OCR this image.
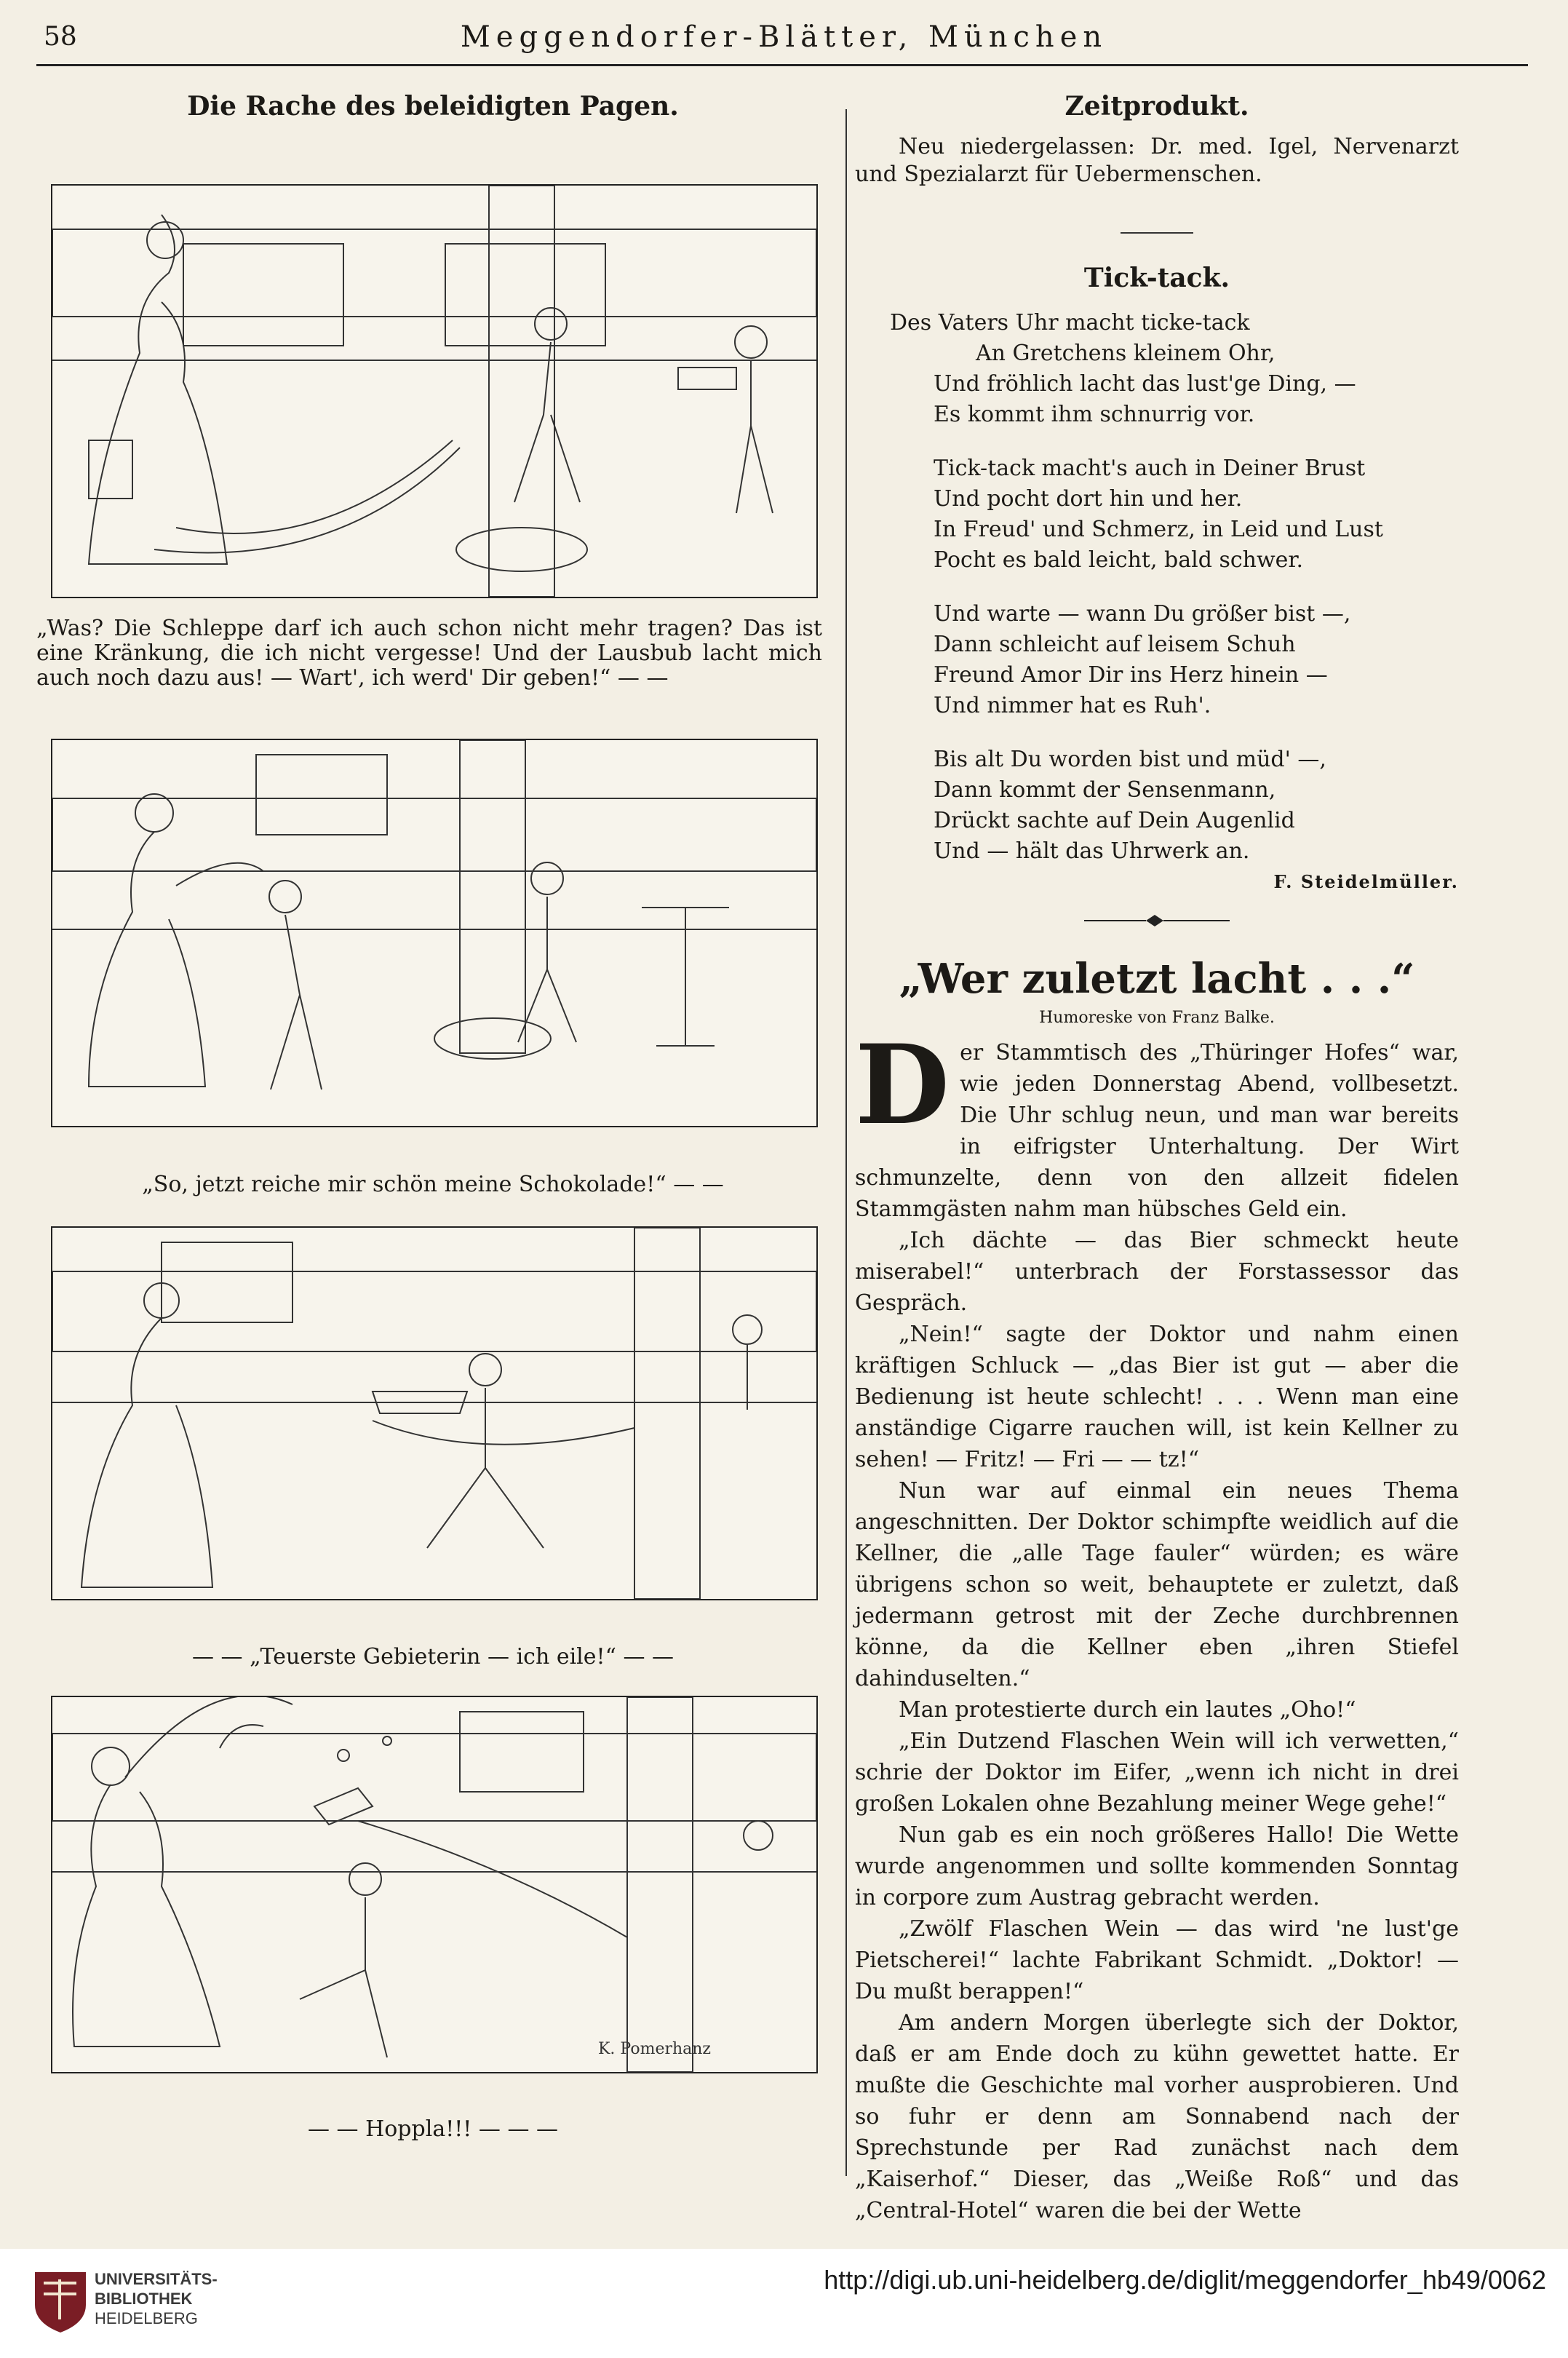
58	Meggendorfer-Blätter, München
Die Rache des beleidigten Pagen.
„Was? Die Schleppe darf ich auch schon nicht mehr tragen? Das ist eine Kränkung, die ich nicht vergesse! Und der Lausbub lacht mich auch noch dazu aus! — Wart', ich werd' Dir geben!“ — —
„So, jetzt reiche mir schön meine Schokolade!“ — —
— — „Teuerste Gebieterin — ich eile!“ — —
K. Pomerhanz
— — Hoppla!!! — — —
Zeitprodukt.

Neu niedergelassen: Dr. med. Igel, Nervenarzt und Spezialarzt für Uebermenschen.

Tick-tack.
Des Vaters Uhr macht ticke-tack
An Gretchens kleinem Ohr,
Und fröhlich lacht das lust'ge Ding, —
Es kommt ihm schnurrig vor.
Tick-tack macht's auch in Deiner Brust
Und pocht dort hin und her.
In Freud' und Schmerz, in Leid und Lust
Pocht es bald leicht, bald schwer.
Und warte — wann Du größer bist —,
Dann schleicht auf leisem Schuh
Freund Amor Dir ins Herz hinein —
Und nimmer hat es Ruh'.
Bis alt Du worden bist und müd' —,
Dann kommt der Sensenmann,
Drückt sachte auf Dein Augenlid
Und — hält das Uhrwerk an.

F. Steidelmüller.

„Wer zuletzt lacht . . .“
Humoreske von Franz Balke.
D er Stammtisch des „Thüringer Hofes“ war, wie jeden Donnerstag Abend, vollbesetzt. Die Uhr schlug neun, und man war bereits in eifrigster Unterhaltung. Der Wirt schmunzelte, denn von den allzeit fidelen Stammgästen nahm man hübsches Geld ein.

„Ich dächte — das Bier schmeckt heute miserabel!“ unterbrach der Forstassessor das Gespräch.

„Nein!“ sagte der Doktor und nahm einen kräftigen Schluck — „das Bier ist gut — aber die Bedienung ist heute schlecht! . . . Wenn man eine anständige Cigarre rauchen will, ist kein Kellner zu sehen! — Fritz! — Fri — — tz!“

Nun war auf einmal ein neues Thema angeschnitten. Der Doktor schimpfte weidlich auf die Kellner, die „alle Tage fauler“ würden; es wäre übrigens schon so weit, behauptete er zuletzt, daß jedermann getrost mit der Zeche durchbrennen könne, da die Kellner eben „ihren Stiefel dahinduselten.“

Man protestierte durch ein lautes „Oho!“

„Ein Dutzend Flaschen Wein will ich verwetten,“ schrie der Doktor im Eifer, „wenn ich nicht in drei großen Lokalen ohne Bezahlung meiner Wege gehe!“

Nun gab es ein noch größeres Hallo! Die Wette wurde angenommen und sollte kommenden Sonntag in corpore zum Austrag gebracht werden.

„Zwölf Flaschen Wein — das wird 'ne lust'ge Pietscherei!“ lachte Fabrikant Schmidt. „Doktor! — Du mußt berappen!“

Am andern Morgen überlegte sich der Doktor, daß er am Ende doch zu kühn gewettet hatte. Er mußte die Geschichte mal vorher ausprobieren. Und so fuhr er denn am Sonnabend nach der Sprechstunde per Rad zunächst nach dem „Kaiserhof.“ Dieser, das „Weiße Roß“ und das „Central-Hotel“ waren die bei der Wette

UNIVERSITÄTS-
BIBLIOTHEK
HEIDELBERG
http://digi.ub.uni-heidelberg.de/diglit/meggendorfer_hb49/0062
